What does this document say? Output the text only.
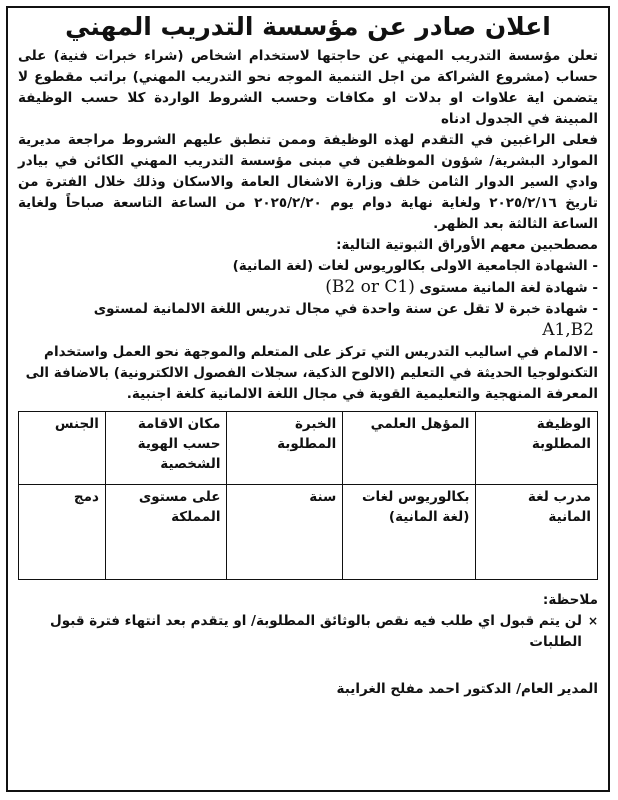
اعلان صادر عن مؤسسة التدريب المهني

تعلن مؤسسة التدريب المهني عن حاجتها لاستخدام اشخاص (شراء خبرات فنية) على حساب (مشروع الشراكة من اجل التنمية الموجه نحو التدريب المهني) براتب مقطوع لا يتضمن اية علاوات او بدلات او مكافات وحسب الشروط الواردة كلا حسب الوظيفة المبينة في الجدول ادناه

فعلى الراغبين في التقدم لهذه الوظيفة وممن تنطبق عليهم الشروط مراجعة مديرية الموارد البشرية/ شؤون الموظفين في مبنى مؤسسة التدريب المهني الكائن في بيادر وادي السير الدوار الثامن خلف وزارة الاشغال العامة والاسكان وذلك خلال الفترة من تاريخ ٢٠٢٥/٢/١٦ ولغاية نهاية دوام يوم ٢٠٢٥/٢/٢٠ من الساعة التاسعة صباحاً ولغاية الساعة الثالثة بعد الظهر.

مصطحبين معهم الأوراق الثبوتية التالية:
- الشهادة الجامعية الاولى بكالوريوس لغات (لغة المانية)
- شهادة لغة المانية مستوى (B2 or C1)
- شهادة خبرة لا تقل عن سنة واحدة في مجال تدريس اللغة الالمانية لمستوى
A1,B2
- الالمام في اساليب التدريس التي تركز على المتعلم والموجهة نحو العمل واستخدام التكنولوجيا الحديثة في التعليم (الالوح الذكية، سجلات الفصول الالكترونية) بالاضافة الى المعرفة المنهجية والتعليمية القوية في مجال اللغة الالمانية كلغة اجنبية.
الوظيفة المطلوبة	المؤهل العلمي	الخبرة المطلوبة	مكان الاقامة حسب الهوية الشخصية	الجنس
مدرب لغة المانية	بكالوريوس لغات (لغة المانية)	سنة	على مستوى المملكة	دمج
ملاحظة:
×
لن يتم قبول اي طلب فيه نقص بالوثائق المطلوبة/ او يتقدم بعد انتهاء فترة قبول الطلبات
المدير العام/ الدكتور احمد مفلح الغرايبة
